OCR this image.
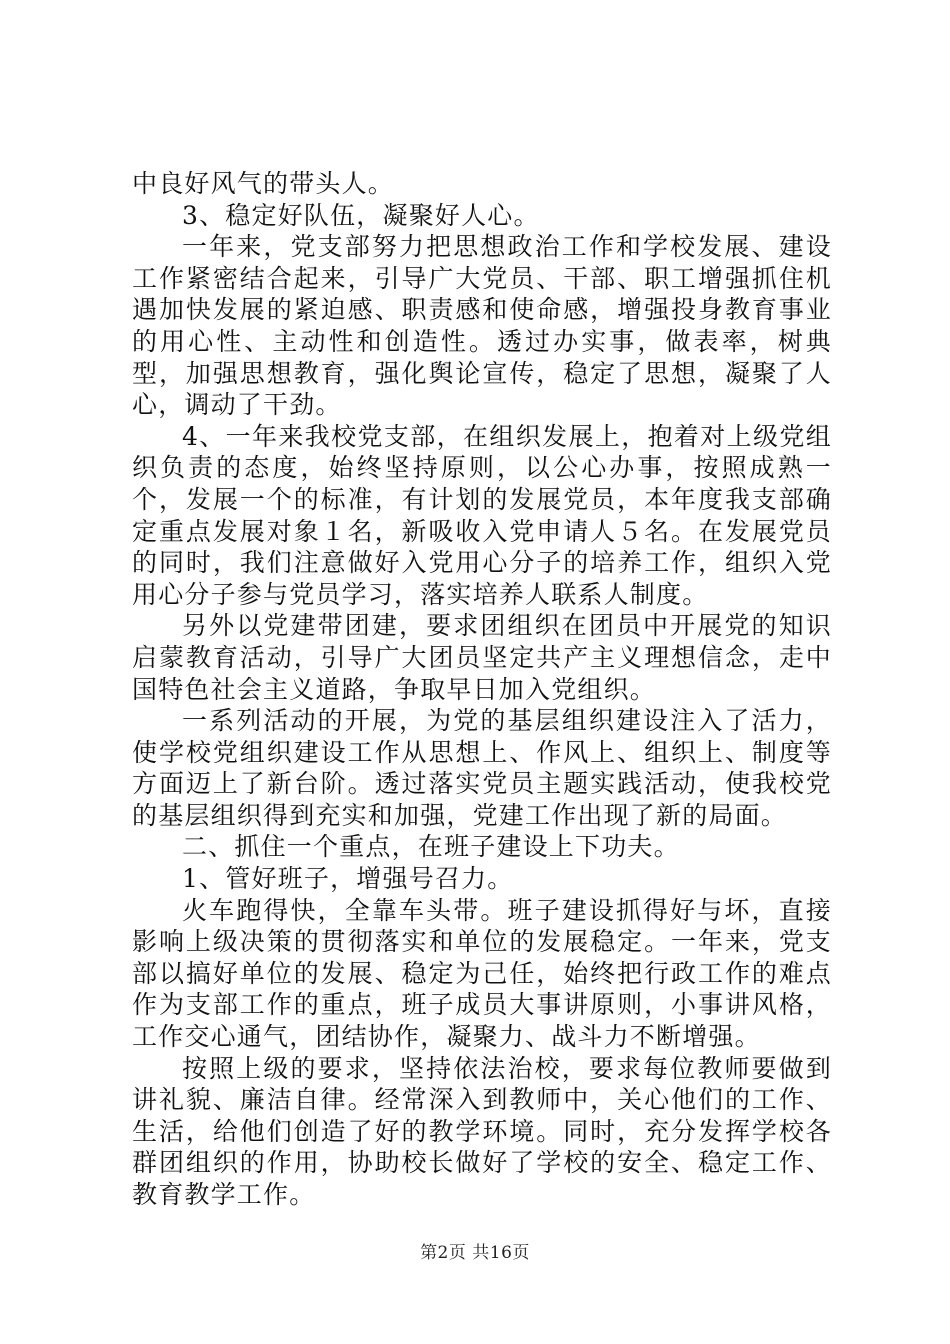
中良好风气的带头人。

3、稳定好队伍，凝聚好人心。

一年来，党支部努力把思想政治工作和学校发展、建设工作紧密结合起来，引导广大党员、干部、职工增强抓住机遇加快发展的紧迫感、职责感和使命感，增强投身教育事业的用心性、主动性和创造性。透过办实事，做表率，树典型，加强思想教育，强化舆论宣传，稳定了思想，凝聚了人心，调动了干劲。

4、一年来我校党支部，在组织发展上，抱着对上级党组织负责的态度，始终坚持原则，以公心办事，按照成熟一个，发展一个的标准，有计划的发展党员，本年度我支部确定重点发展对象１名，新吸收入党申请人５名。在发展党员的同时，我们注意做好入党用心分子的培养工作，组织入党用心分子参与党员学习，落实培养人联系人制度。

另外以党建带团建，要求团组织在团员中开展党的知识启蒙教育活动，引导广大团员坚定共产主义理想信念，走中国特色社会主义道路，争取早日加入党组织。

一系列活动的开展，为党的基层组织建设注入了活力，使学校党组织建设工作从思想上、作风上、组织上、制度等方面迈上了新台阶。透过落实党员主题实践活动，使我校党的基层组织得到充实和加强，党建工作出现了新的局面。

二、抓住一个重点，在班子建设上下功夫。

1、管好班子，增强号召力。

火车跑得快，全靠车头带。班子建设抓得好与坏，直接影响上级决策的贯彻落实和单位的发展稳定。一年来，党支部以搞好单位的发展、稳定为己任，始终把行政工作的难点作为支部工作的重点，班子成员大事讲原则，小事讲风格，工作交心通气，团结协作，凝聚力、战斗力不断增强。

按照上级的要求，坚持依法治校，要求每位教师要做到讲礼貌、廉洁自律。经常深入到教师中，关心他们的工作、生活，给他们创造了好的教学环境。同时，充分发挥学校各群团组织的作用，协助校长做好了学校的安全、稳定工作、教育教学工作。

第2页 共16页
